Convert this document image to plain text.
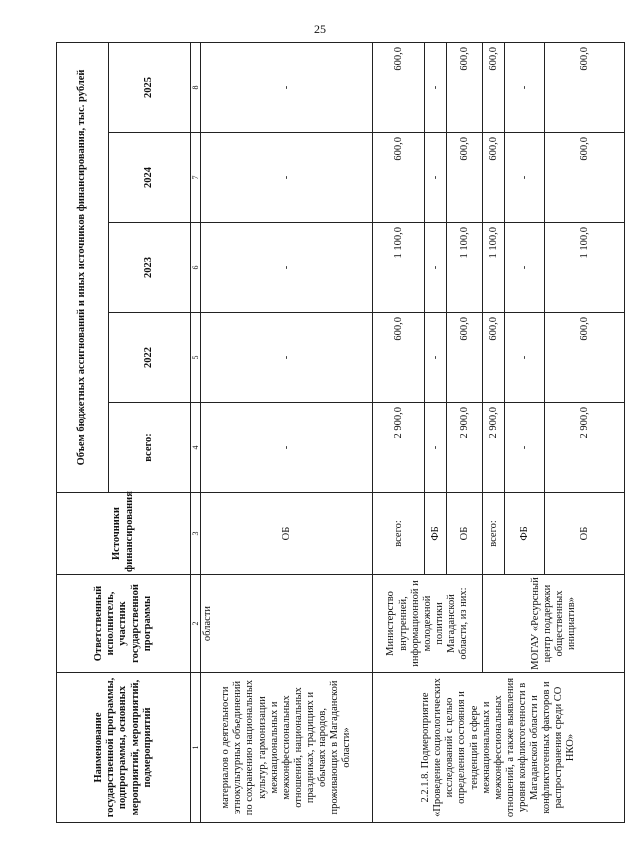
25
Наименование государственной программы, подпрограммы, основных мероприятий, мероприятий, подмероприятий	Ответственный исполнитель, участник государственной программы	Источники финансирования	Объем бюджетных ассигнований и иных источников финансирования, тыс. рублей				
			всего:	2022	2023	2024	2025
1	2	3	4	5	6	7	8
материалов о деятельности этнокультурных объединений по сохранению национальных культур, гармонизации межнациональных и межконфессиональных отношений, национальных праздниках, традициях и обычаях народов, проживающих в Магаданской области»	области	ОБ	-	-	-	-	-
2.2.1.8. Подмероприятие «Проведение социологических исследований с целью определения состояния и тенденций в сфере межнациональных и межконфессиональных отношений, а также выявления уровня конфликтогенности в Магаданской области и конфликтогенных факторов и распространения среди СО НКО»	Министерство внутренней, информационной и молодежной политики Магаданской области, из них:	всего:	2 900,0	600,0	1 100,0	600,0	600,0
		ФБ	-	-	-	-	-
		ОБ	2 900,0	600,0	1 100,0	600,0	600,0
	МОГАУ «Ресурсный центр поддержки общественных инициатив»	всего:	2 900,0	600,0	1 100,0	600,0	600,0
		ФБ	-	-	-	-	-
		ОБ	2 900,0	600,0	1 100,0	600,0	600,0
